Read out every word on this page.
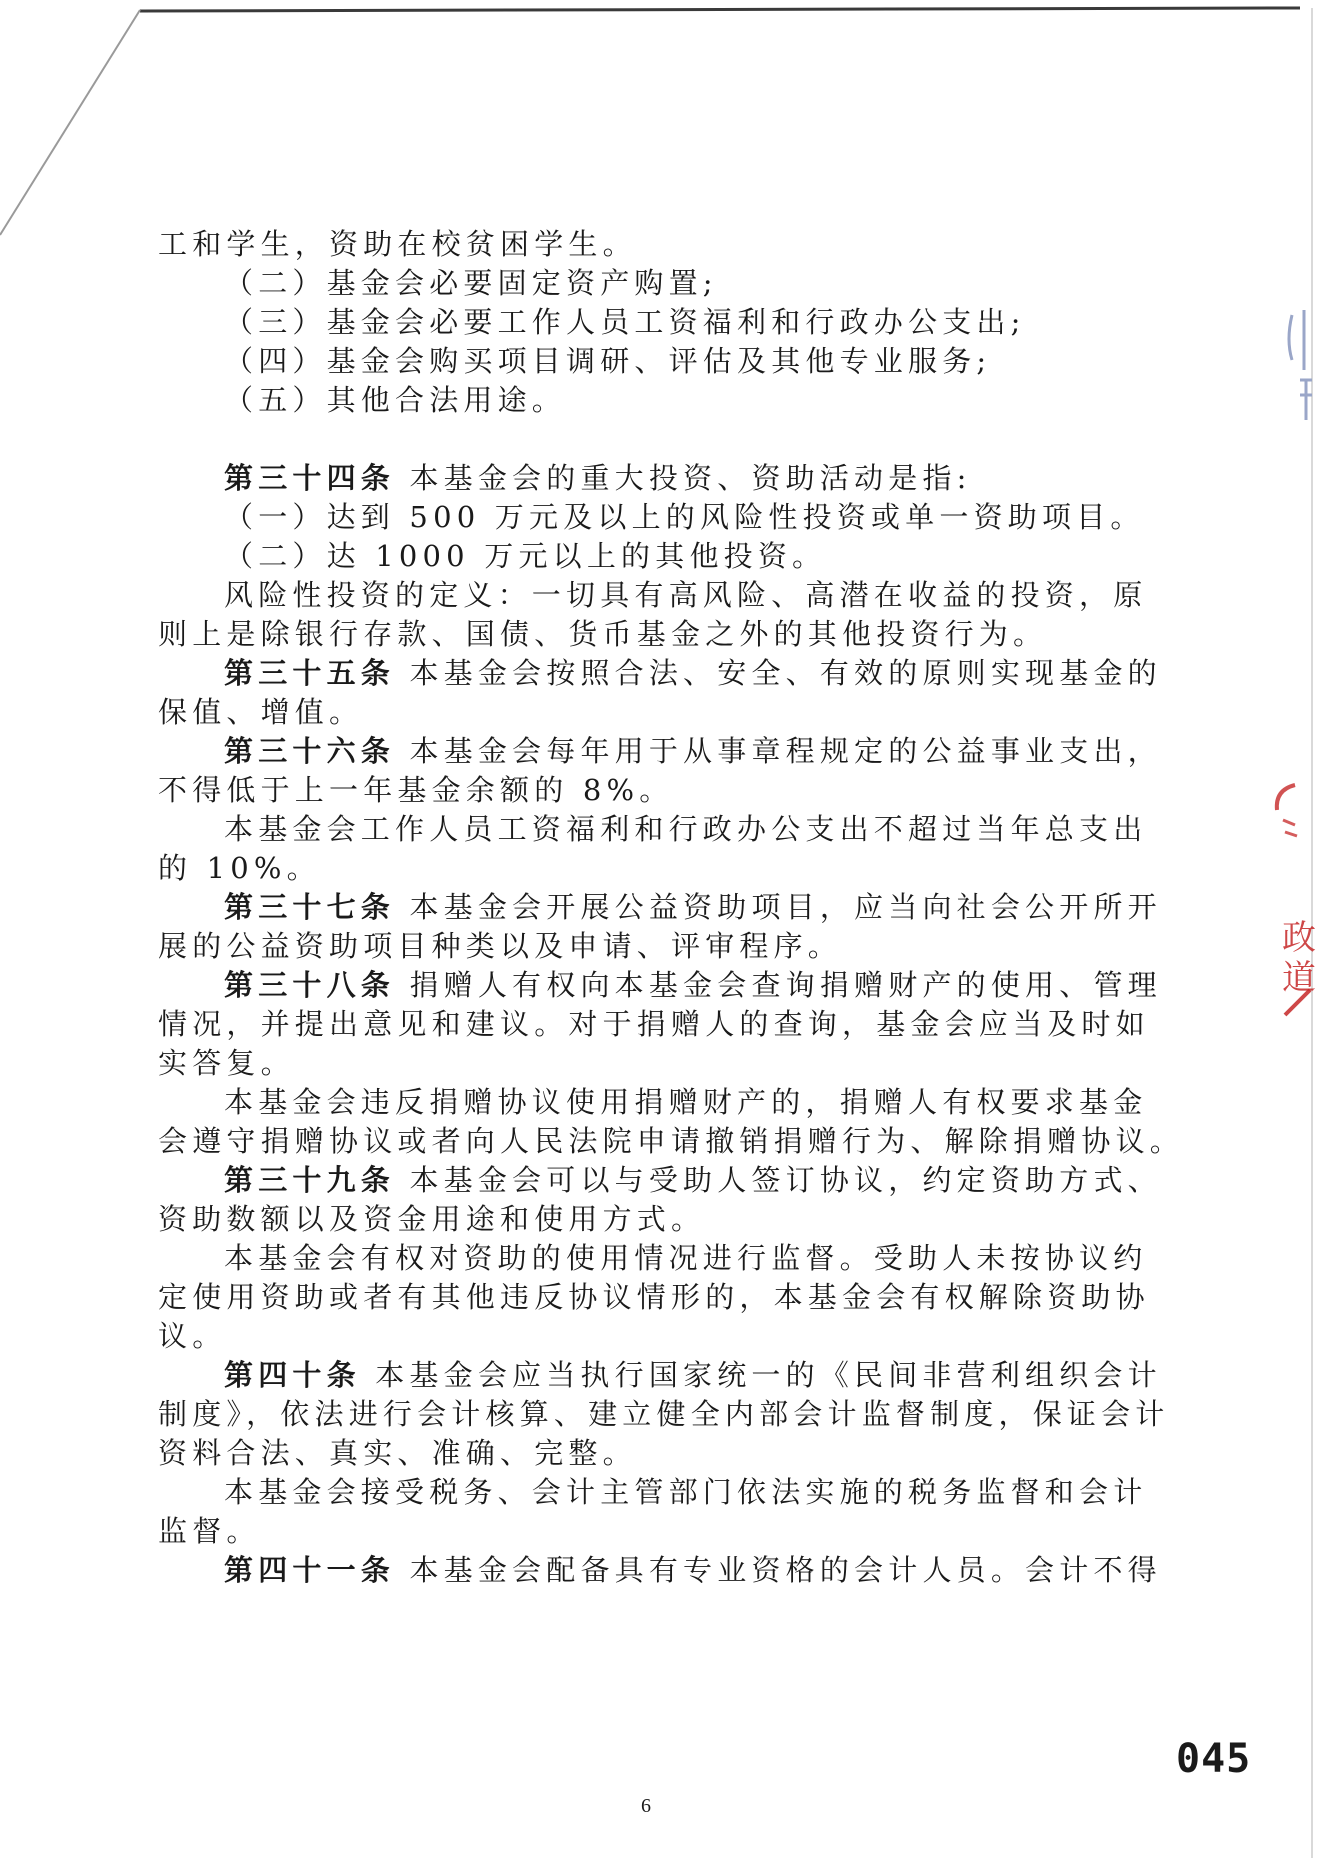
工和学生，资助在校贫困学生。

（二）基金会必要固定资产购置;

（三）基金会必要工作人员工资福利和行政办公支出;

（四）基金会购买项目调研、评估及其他专业服务;

（五）其他合法用途。

第三十四条 本基金会的重大投资、资助活动是指:

（一）达到 500 万元及以上的风险性投资或单一资助项目。

（二）达 1000 万元以上的其他投资。

风险性投资的定义：一切具有高风险、高潜在收益的投资，原

则上是除银行存款、国债、货币基金之外的其他投资行为。

第三十五条 本基金会按照合法、安全、有效的原则实现基金的

保值、增值。

第三十六条 本基金会每年用于从事章程规定的公益事业支出，

不得低于上一年基金余额的 8%。

本基金会工作人员工资福利和行政办公支出不超过当年总支出

的 10%。

第三十七条 本基金会开展公益资助项目，应当向社会公开所开

展的公益资助项目种类以及申请、评审程序。

第三十八条 捐赠人有权向本基金会查询捐赠财产的使用、管理

情况，并提出意见和建议。对于捐赠人的查询，基金会应当及时如

实答复。

本基金会违反捐赠协议使用捐赠财产的，捐赠人有权要求基金

会遵守捐赠协议或者向人民法院申请撤销捐赠行为、解除捐赠协议。

第三十九条 本基金会可以与受助人签订协议，约定资助方式、

资助数额以及资金用途和使用方式。

本基金会有权对资助的使用情况进行监督。受助人未按协议约

定使用资助或者有其他违反协议情形的，本基金会有权解除资助协

议。

第四十条 本基金会应当执行国家统一的《民间非营利组织会计

制度》，依法进行会计核算、建立健全内部会计监督制度，保证会计

资料合法、真实、准确、完整。

本基金会接受税务、会计主管部门依法实施的税务监督和会计

监督。

第四十一条 本基金会配备具有专业资格的会计人员。会计不得

政
道
045
6
